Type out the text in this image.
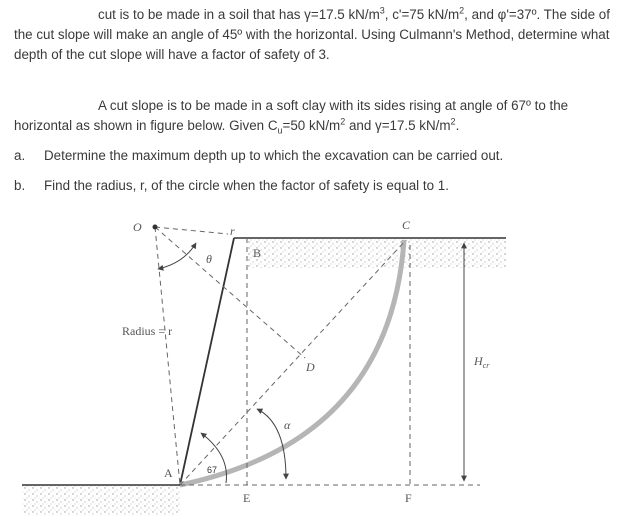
cut is to be made in a soil that has γ=17.5 $kN/m^3$, c'=75 $kN/m^2$, and φ'=37º. The side of the cut slope will make an angle of 45º with the horizontal. Using Culmann's Method, determine what depth of the cut slope will have a factor of safety of 3.

A cut slope is to be made in a soft clay with its sides rising at angle of 67º to the horizontal as shown in figure below. Given $C_u=50$ $kN/m^2$ and γ=17.5 $kN/m^2$.

a. Determine the maximum depth up to which the excavation can be carried out.
b. Find the radius, r, of the circle when the factor of safety is equal to 1.
O
θ
r	C
B
Radius = r
D	$H_{cr}$
α
A	67
E	F
